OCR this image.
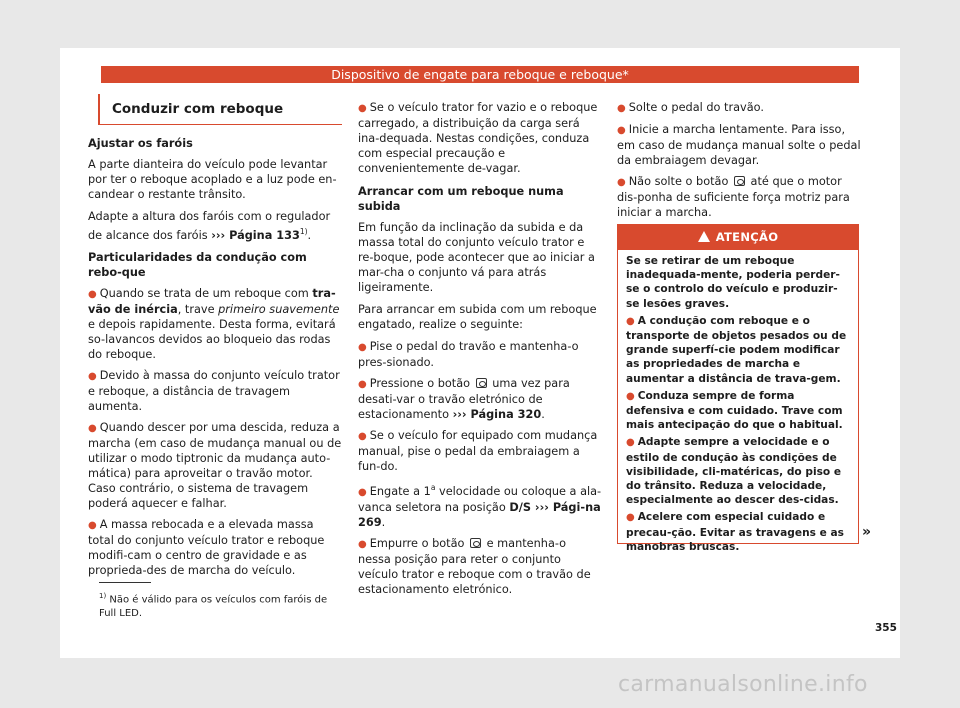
Dispositivo de engate para reboque e reboque*
Conduzir com reboque
Ajustar os faróis

A parte dianteira do veículo pode levantar por ter o reboque acoplado e a luz pode en-candear o restante trânsito.

Adapte a altura dos faróis com o regulador de alcance dos faróis ››› Página 133$^{1)}$.

Particularidades da condução com rebo-que
● Quando se trata de um reboque com tra-vão de inércia, trave primeiro suavemente e depois rapidamente. Desta forma, evitará so-lavancos devidos ao bloqueio das rodas do reboque.
● Devido à massa do conjunto veículo trator e reboque, a distância de travagem aumenta.
● Quando descer por uma descida, reduza a marcha (em caso de mudança manual ou de utilizar o modo tiptronic da mudança auto-mática) para aproveitar o travão motor. Caso contrário, o sistema de travagem poderá aquecer e falhar.
● A massa rebocada e a elevada massa total do conjunto veículo trator e reboque modifi-cam o centro de gravidade e as proprieda-des de marcha do veículo.
● Se o veículo trator for vazio e o reboque carregado, a distribuição da carga será ina-dequada. Nestas condições, conduza com especial precaução e convenientemente de-vagar.
Arrancar com um reboque numa subida

Em função da inclinação da subida e da massa total do conjunto veículo trator e re-boque, pode acontecer que ao iniciar a mar-cha o conjunto vá para atrás ligeiramente.

Para arrancar em subida com um reboque engatado, realize o seguinte:

● Pise o pedal do travão e mantenha-o pres-sionado.
● Pressione o botão  uma vez para desati-var o travão eletrónico de estacionamento ››› Página 320.
● Se o veículo for equipado com mudança manual, pise o pedal da embraiagem a fun-do.
● Engate a 1$^a$ velocidade ou coloque a ala-vanca seletora na posição D/S ››› Pági-na 269.
● Empurre o botão  e mantenha-o nessa posição para reter o conjunto veículo trator e reboque com o travão de estacionamento eletrónico.
● Solte o pedal do travão.
● Inicie a marcha lentamente. Para isso, em caso de mudança manual solte o pedal da embraiagem devagar.
● Não solte o botão  até que o motor dis-ponha de suficiente força motriz para iniciar a marcha.
ATENÇÃO
Se se retirar de um reboque inadequada-mente, poderia perder-se o controlo do veículo e produzir-se lesões graves.
● A condução com reboque e o transporte de objetos pesados ou de grande superfí-cie podem modificar as propriedades de marcha e aumentar a distância de trava-gem.
● Conduza sempre de forma defensiva e com cuidado. Trave com mais antecipação do que o habitual.
● Adapte sempre a velocidade e o estilo de condução às condições de visibilidade, cli-matéricas, do piso e do trânsito. Reduza a velocidade, especialmente ao descer des-cidas.
● Acelere com especial cuidado e precau-ção. Evitar as travagens e as manobras bruscas.
»
$^{1)}$ Não é válido para os veículos com faróis de Full LED.
355
carmanualsonline.info
